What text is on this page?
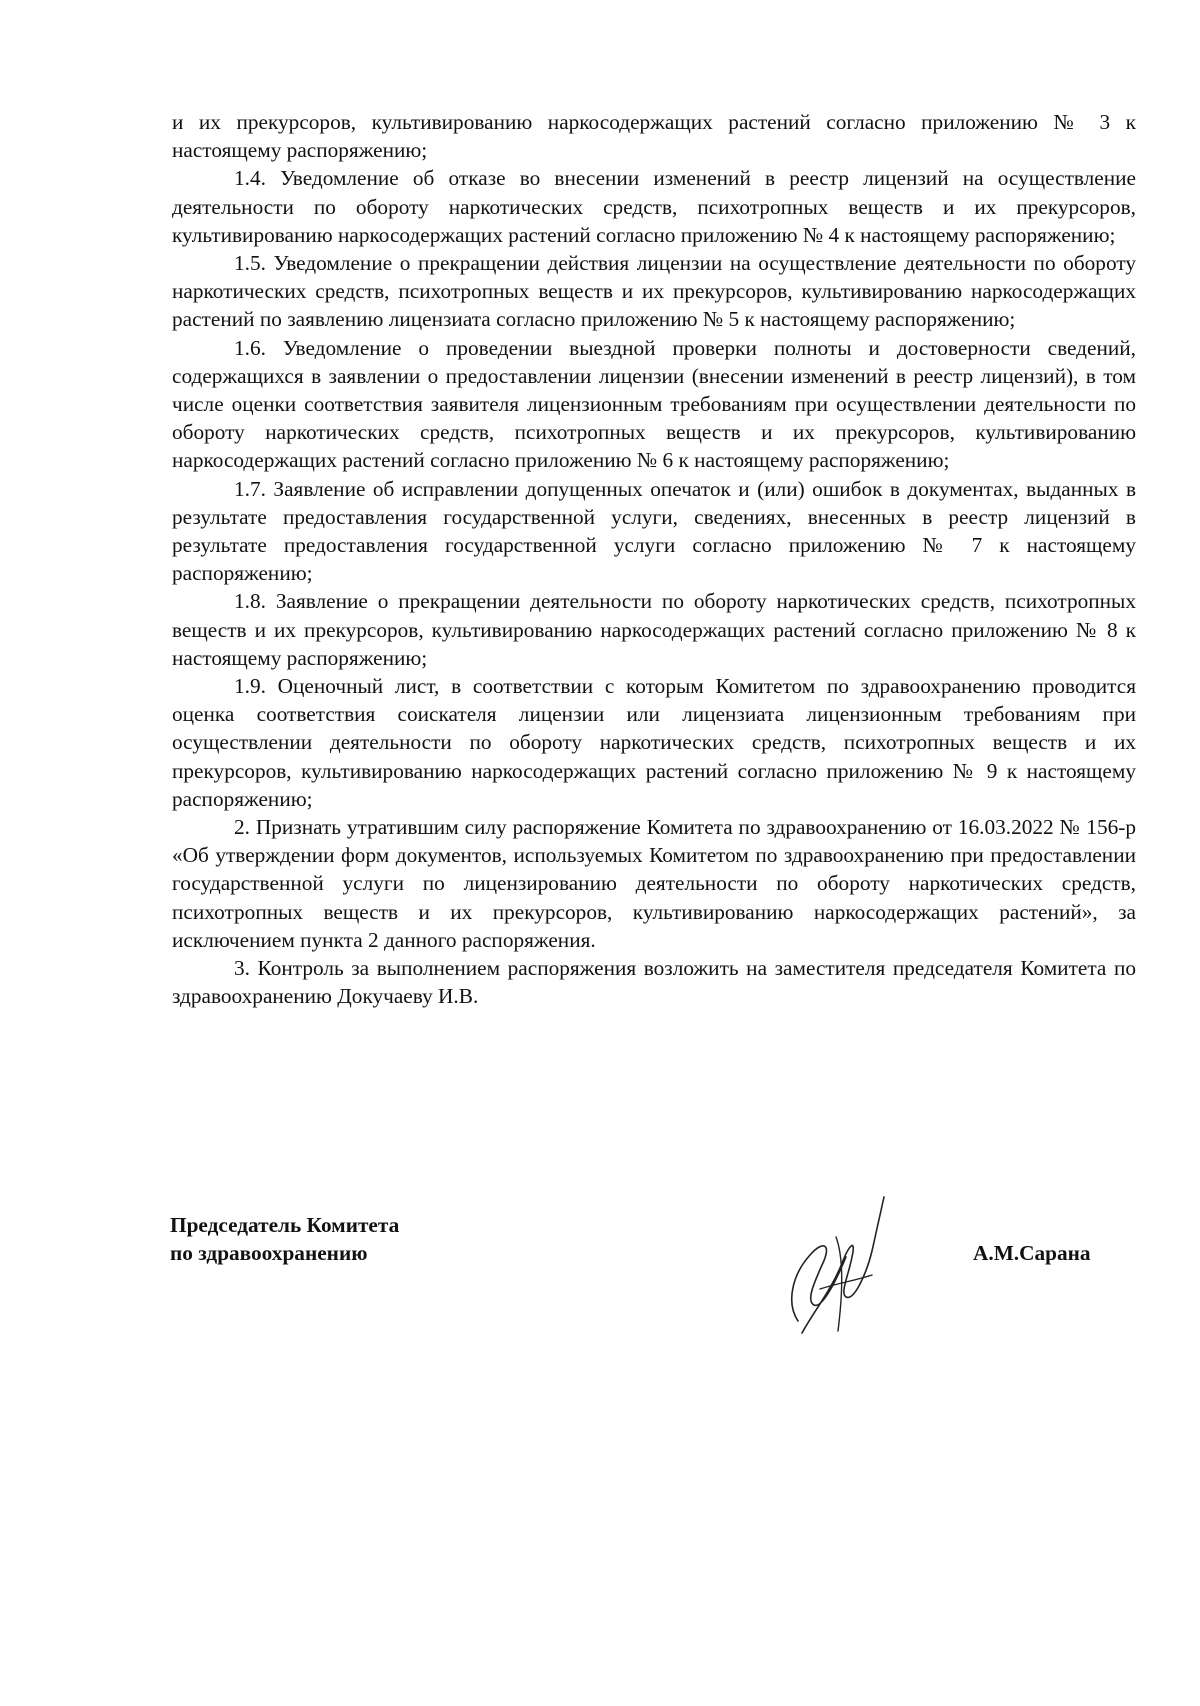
и их прекурсоров, культивированию наркосодержащих растений согласно приложению № 3 к настоящему распоряжению;

1.4. Уведомление об отказе во внесении изменений в реестр лицензий на осуществление деятельности по обороту наркотических средств, психотропных веществ и их прекурсоров, культивированию наркосодержащих растений согласно приложению № 4 к настоящему распоряжению;

1.5. Уведомление о прекращении действия лицензии на осуществление деятельности по обороту наркотических средств, психотропных веществ и их прекурсоров, культивированию наркосодержащих растений по заявлению лицензиата согласно приложению № 5 к настоящему распоряжению;

1.6. Уведомление о проведении выездной проверки полноты и достоверности сведений, содержащихся в заявлении о предоставлении лицензии (внесении изменений в реестр лицензий), в том числе оценки соответствия заявителя лицензионным требованиям при осуществлении деятельности по обороту наркотических средств, психотропных веществ и их прекурсоров, культивированию наркосодержащих растений согласно приложению № 6 к настоящему распоряжению;

1.7. Заявление об исправлении допущенных опечаток и (или) ошибок в документах, выданных в результате предоставления государственной услуги, сведениях, внесенных в реестр лицензий в результате предоставления государственной услуги согласно приложению № 7 к настоящему распоряжению;

1.8. Заявление о прекращении деятельности по обороту наркотических средств, психотропных веществ и их прекурсоров, культивированию наркосодержащих растений согласно приложению № 8 к настоящему распоряжению;

1.9. Оценочный лист, в соответствии с которым Комитетом по здравоохранению проводится оценка соответствия соискателя лицензии или лицензиата лицензионным требованиям при осуществлении деятельности по обороту наркотических средств, психотропных веществ и их прекурсоров, культивированию наркосодержащих растений согласно приложению № 9 к настоящему распоряжению;

2. Признать утратившим силу распоряжение Комитета по здравоохранению от 16.03.2022 № 156-р «Об утверждении форм документов, используемых Комитетом по здравоохранению при предоставлении государственной услуги по лицензированию деятельности по обороту наркотических средств, психотропных веществ и их прекурсоров, культивированию наркосодержащих растений», за исключением пункта 2 данного распоряжения.

3. Контроль за выполнением распоряжения возложить на заместителя председателя Комитета по здравоохранению Докучаеву И.В.

Председатель Комитета
по здравоохранению	А.М.Сарана
